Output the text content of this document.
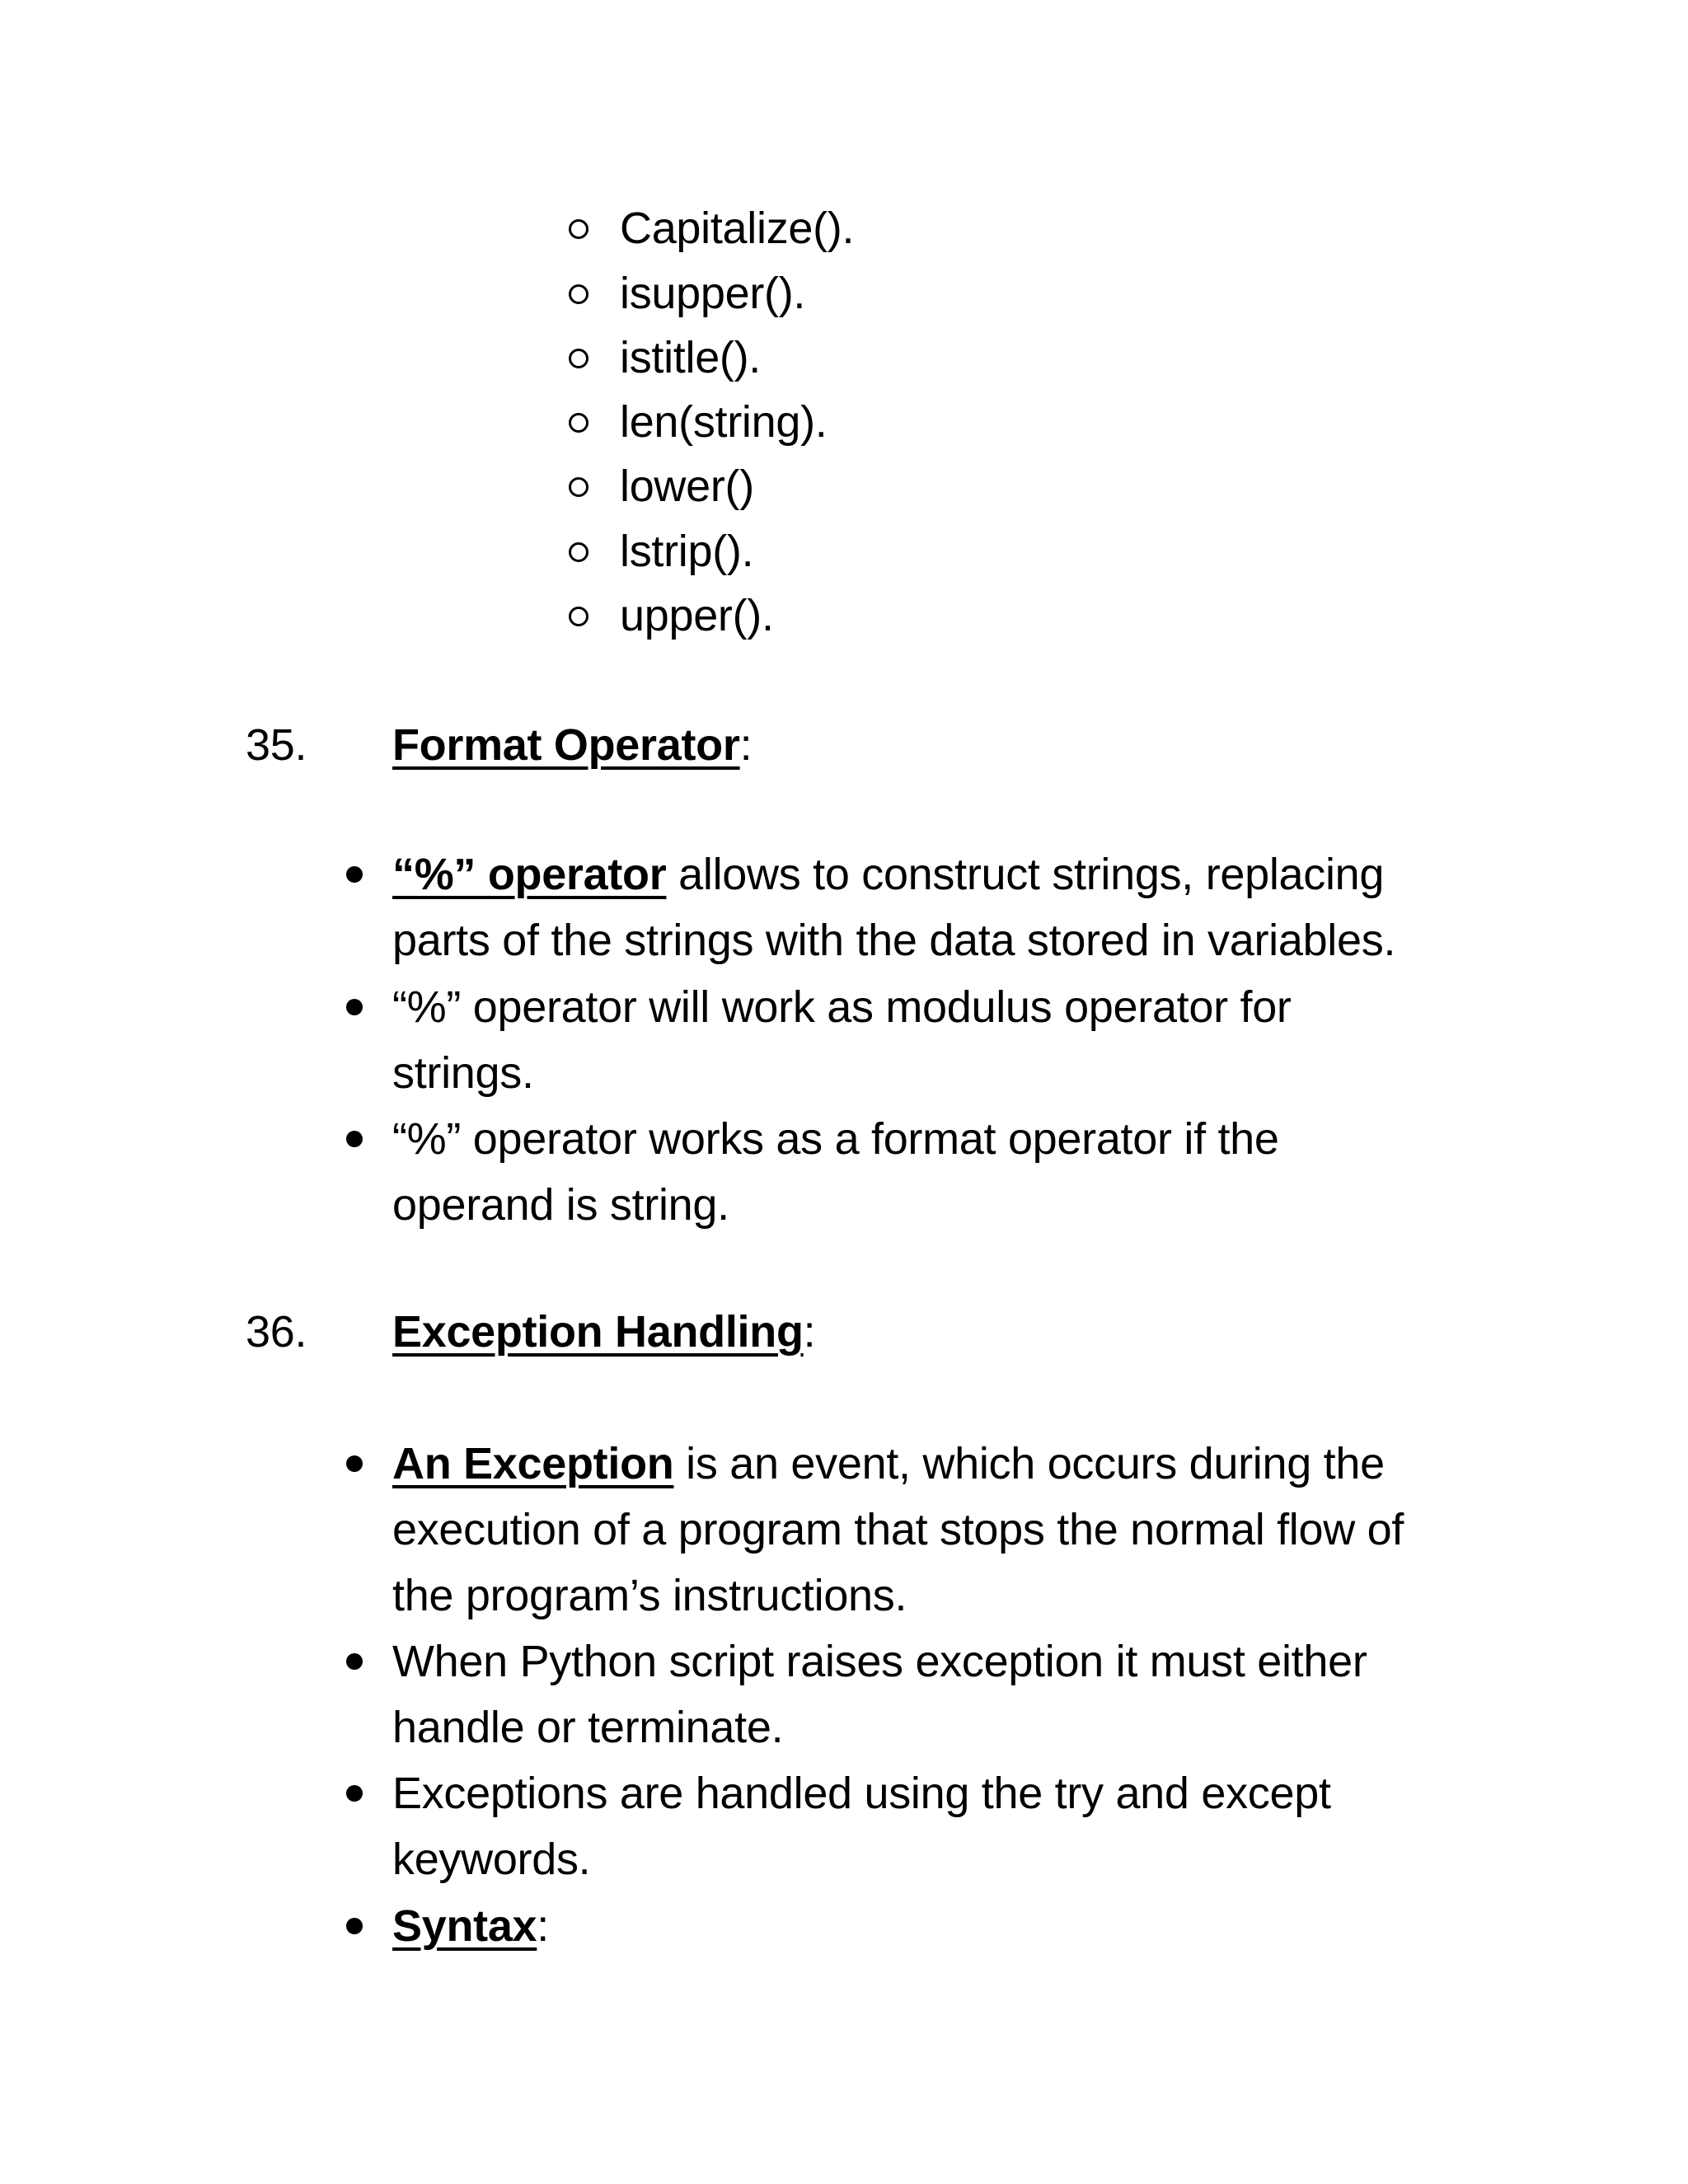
Capitalize().
isupper().
istitle().
len(string).
lower()
lstrip().
upper().
35. Format Operator:
“%” operator allows to construct strings, replacing
parts of the strings with the data stored in variables.
“%” operator will work as modulus operator for
strings.
“%” operator works as a format operator if the
operand is string.
36. Exception Handling:
An Exception is an event, which occurs during the
execution of a program that stops the normal flow of
the program’s instructions.
When Python script raises exception it must either
handle or terminate.
Exceptions are handled using the try and except
keywords.
Syntax:
